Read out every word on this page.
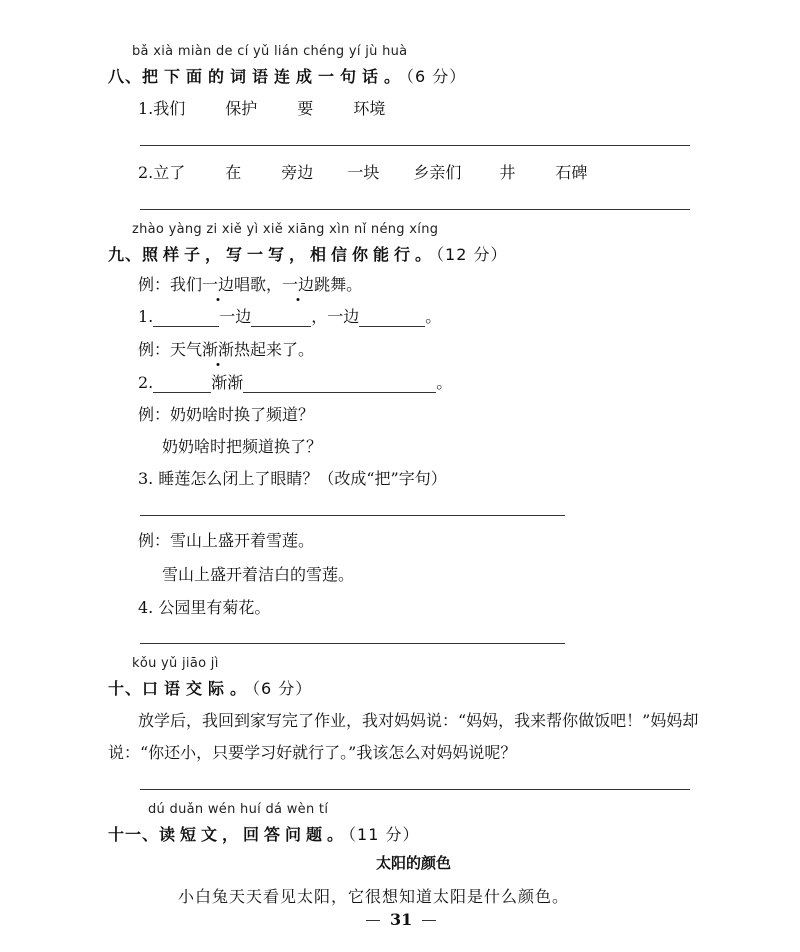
bǎ xià miàn de cí yǔ lián chéng yí jù huà
八、把下面的词语连成一句话。（6 分）
1.我们	保护	要	环境
2.立了	在	旁边 一块 乡亲们 井	石碑
zhào yàng zi xiě yì xiě xiāng xìn nǐ néng xíng
九、照样子，写一写，相信你能行。（12 分）
例：我们一边唱歌，一边跳舞。
1.	一边	，一边	。
例：天气渐渐热起来了。
2.	渐渐	。
例：奶奶啥时换了频道？
奶奶啥时把频道换了？
3. 睡莲怎么闭上了眼睛？（改成“把”字句）
例：雪山上盛开着雪莲。
雪山上盛开着洁白的雪莲。
4. 公园里有菊花。
kǒu yǔ jiāo jì
十、口语交际。（6 分）
放学后，我回到家写完了作业，我对妈妈说：“妈妈，我来帮你做饭吧！”妈妈却
说：“你还小，只要学习好就行了。”我该怎么对妈妈说呢？
dú duǎn wén huí dá wèn tí
十一、读短文，回答问题。（11 分）
太阳的颜色
小白兔天天看见太阳，它很想知道太阳是什么颜色。
31
